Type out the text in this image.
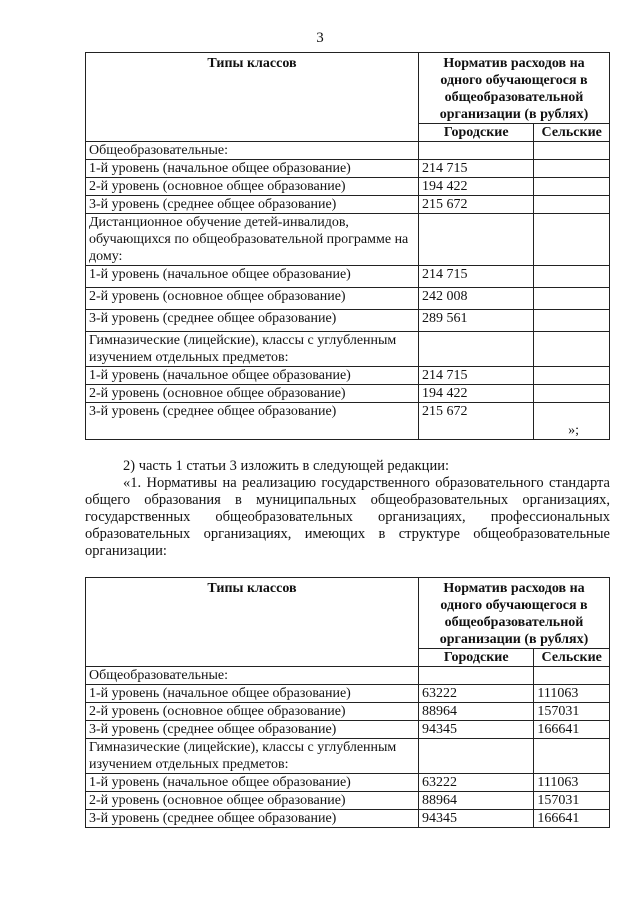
3
Типы классов	Норматив расходов на одного обучающегося в общеобразовательной организации (в рублях)	
	Городские	Сельские
Общеобразовательные:		
1-й уровень (начальное общее образование)	214 715	
2-й уровень (основное общее образование)	194 422	
3-й уровень (среднее общее образование)	215 672	
Дистанционное обучение детей-инвалидов, обучающихся по общеобразовательной программе на дому:		
1-й уровень (начальное общее образование)	214 715	
2-й уровень (основное общее образование)	242 008	
3-й уровень (среднее общее образование)	289 561	
Гимназические (лицейские), классы с углубленным изучением отдельных предметов:		
1-й уровень (начальное общее образование)	214 715	
2-й уровень (основное общее образование)	194 422	
3-й уровень (среднее общее образование)	215 672	»;
2) часть 1 статьи 3 изложить в следующей редакции:
«1. Нормативы на реализацию государственного образовательного стандарта общего образования в муниципальных общеобразовательных организациях, государственных общеобразовательных организациях, профессиональных образовательных организациях, имеющих в структуре общеобразовательные организации:
Типы классов	Норматив расходов на одного обучающегося в общеобразовательной организации (в рублях)	
	Городские	Сельские
Общеобразовательные:		
1-й уровень (начальное общее образование)	63222	111063
2-й уровень (основное общее образование)	88964	157031
3-й уровень (среднее общее образование)	94345	166641
Гимназические (лицейские), классы с углубленным изучением отдельных предметов:		
1-й уровень (начальное общее образование)	63222	111063
2-й уровень (основное общее образование)	88964	157031
3-й уровень (среднее общее образование)	94345	166641
